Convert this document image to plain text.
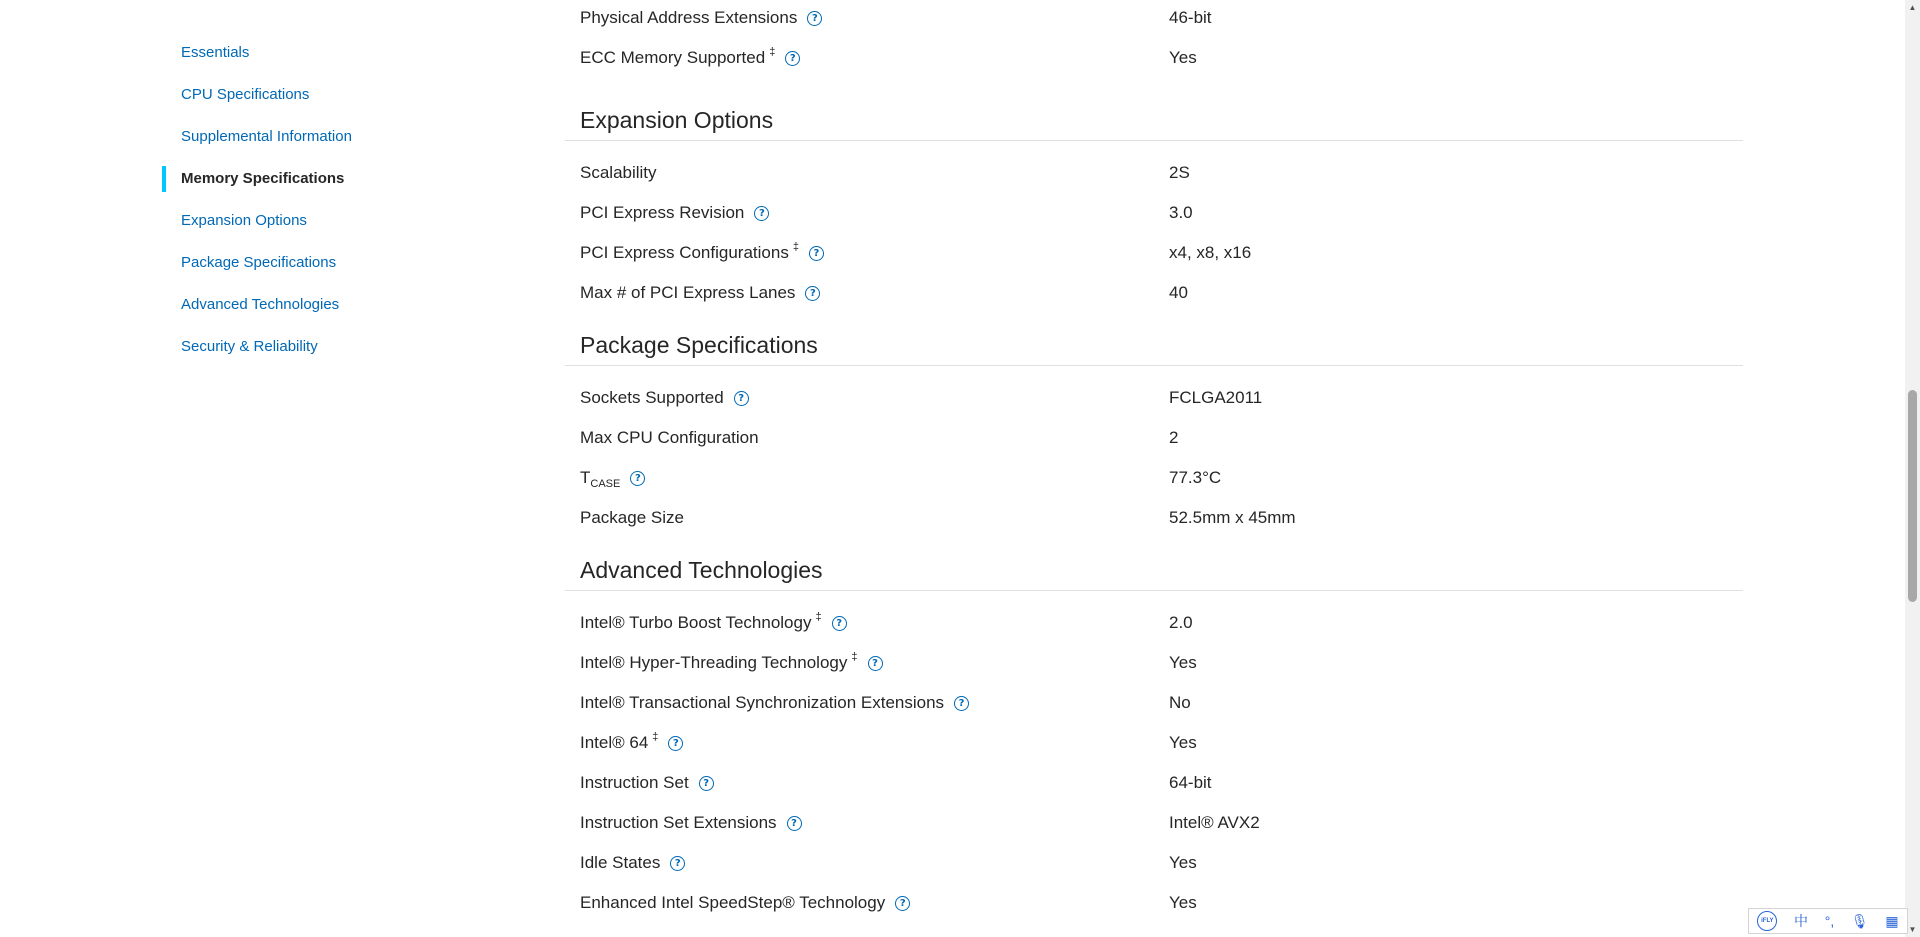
Essentials
CPU Specifications
Supplemental Information
Memory Specifications
Expansion Options
Package Specifications
Advanced Technologies
Security & Reliability
Physical Address Extensions ?	46-bit
ECC Memory Supported ‡?	Yes
Expansion Options
Scalability	2S
PCI Express Revision ?	3.0
PCI Express Configurations ‡?	x4, x8, x16
Max # of PCI Express Lanes ?	40
Package Specifications
Sockets Supported ?	FCLGA2011
Max CPU Configuration	2
$T_{CASE}$ ?	77.3°C
Package Size	52.5mm x 45mm
Advanced Technologies
Intel® Turbo Boost Technology ‡?	2.0
Intel® Hyper-Threading Technology ‡?	Yes
Intel® Transactional Synchronization Extensions ?	No
Intel® 64 ‡?	Yes
Instruction Set ?	64-bit
Instruction Set Extensions ?	Intel® AVX2
Idle States ?	Yes
Enhanced Intel SpeedStep® Technology ?	Yes
▲
▼
iFLY 中 °, 🎙 ▦
